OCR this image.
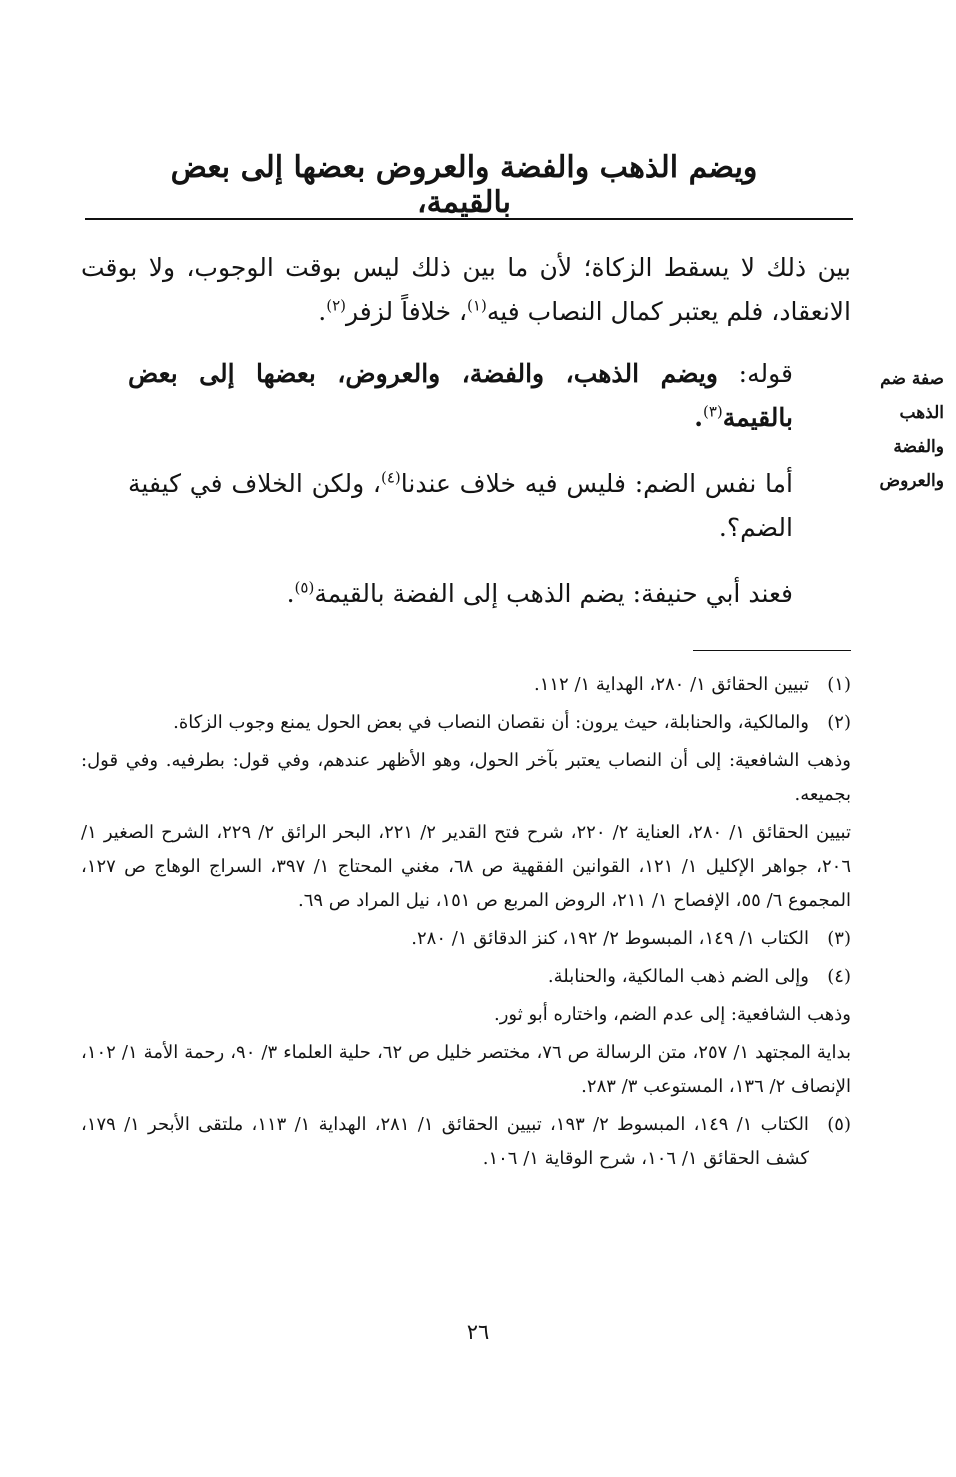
ويضم الذهب والفضة والعروض بعضها إلى بعض بالقيمة،
صفة ضم
الذهب
والفضة
والعروض
بين ذلك لا يسقط الزكاة؛ لأن ما بين ذلك ليس بوقت الوجوب، ولا بوقت الانعقاد، فلم يعتبر كمال النصاب فيه$^{(١)}$، خلافاً لزفر$^{(٢)}$.
قوله: ويضم الذهب، والفضة، والعروض، بعضها إلى بعض بالقيمة$^{(٣)}$.
أما نفس الضم: فليس فيه خلاف عندنا$^{(٤)}$، ولكن الخلاف في كيفية الضم؟.
فعند أبي حنيفة: يضم الذهب إلى الفضة بالقيمة$^{(٥)}$.
(١)
تبيين الحقائق ١/ ٢٨٠، الهداية ١/ ١١٢.
(٢)
والمالكية، والحنابلة، حيث يرون: أن نقصان النصاب في بعض الحول يمنع وجوب الزكاة.
وذهب الشافعية: إلى أن النصاب يعتبر بآخر الحول، وهو الأظهر عندهم، وفي قول: بطرفيه. وفي قول: بجميعه.
تبيين الحقائق ١/ ٢٨٠، العناية ٢/ ٢٢٠، شرح فتح القدير ٢/ ٢٢١، البحر الرائق ٢/ ٢٢٩، الشرح الصغير ١/ ٢٠٦، جواهر الإكليل ١/ ١٢١، القوانين الفقهية ص ٦٨، مغني المحتاج ١/ ٣٩٧، السراج الوهاج ص ١٢٧، المجموع ٦/ ٥٥، الإفصاح ١/ ٢١١، الروض المربع ص ١٥١، نيل المراد ص ٦٩.
(٣)
الكتاب ١/ ١٤٩، المبسوط ٢/ ١٩٢، كنز الدقائق ١/ ٢٨٠.
(٤)
وإلى الضم ذهب المالكية، والحنابلة.
وذهب الشافعية: إلى عدم الضم، واختاره أبو ثور.
بداية المجتهد ١/ ٢٥٧، متن الرسالة ص ٧٦، مختصر خليل ص ٦٢، حلية العلماء ٣/ ٩٠، رحمة الأمة ١/ ١٠٢، الإنصاف ٢/ ١٣٦، المستوعب ٣/ ٢٨٣.
(٥)
الكتاب ١/ ١٤٩، المبسوط ٢/ ١٩٣، تبيين الحقائق ١/ ٢٨١، الهداية ١/ ١١٣، ملتقى الأبحر ١/ ١٧٩، كشف الحقائق ١/ ١٠٦، شرح الوقاية ١/ ١٠٦.
٢٦
